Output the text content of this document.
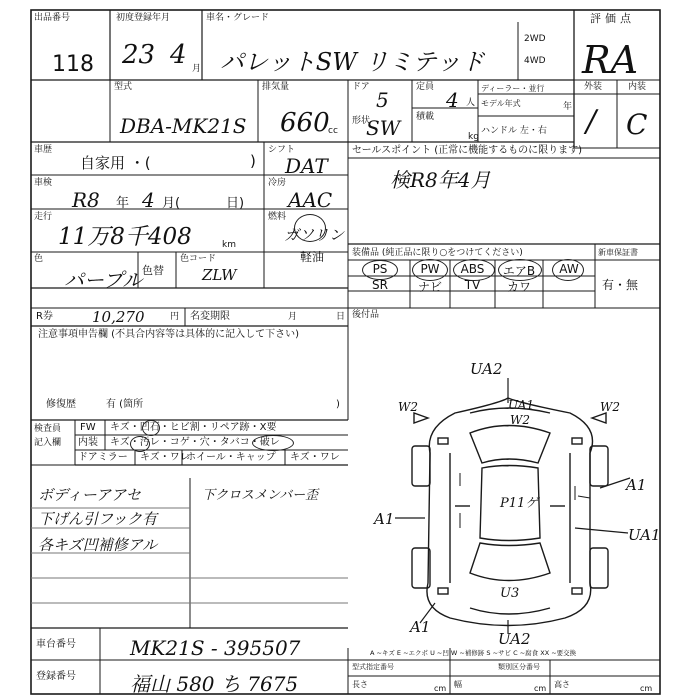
出品番号
118
初度登録年月
23 4 月
車名・グレード
パレットSW リミテッド
2WD
4WD
評価点
RA
外装	内装
/ C
型式
DBA-MK21S
排気量
660
cc
ドア
5
定員
4 人
形状
SW 積載
kg
ディーラー・並行
モデル年式	年
ハンドル 左・右
車歴
自家用 ・(	)
シフト
DAT
セールスポイント (正常に機能するものに限ります)
検R8年4月
車検
R8 年 4 月(	日)
冷房
AAC
走行
11万8千408	km
燃料
ガソリン
軽油
色
パープル 色替
色コード
ZLW
装備品 (純正品に限り○をつけてください)	新車保証書
有・無
PS	PW	ABS	エアB	AW
SR	ナビ	TV	カワ
後付品
R券	10,270	円 名変期限	月	日
注意事項申告欄 (不具合内容等は具体的に記入して下さい)
修復歴	有 (箇所	)
検査員
記入欄
FW キズ・凹石・ヒビ割・リペア跡・X要
内装 キズ・汚レ・コゲ・穴・タバコ・破レ
ドアミラー キズ・ワレ
ホイール・キャップ キズ・ワレ
ボディーアアセ
下げん引フック有
各キズ凹補修アル
下クロスメンバー歪
UA2
UA1
W2
W2	W2
P11ゲ
A1
A1
UA1
U3
A1
UA2
A ~キズ E ~エクボ U ~凹 W ~補修跡 S ~サビ C ~腐食 XX ~要交換
車台番号	MK21S - 395507
登録番号	福山 580 ち 7675
型式指定番号	類別区分番号
長さ	cm 幅	cm 高さ	cm
